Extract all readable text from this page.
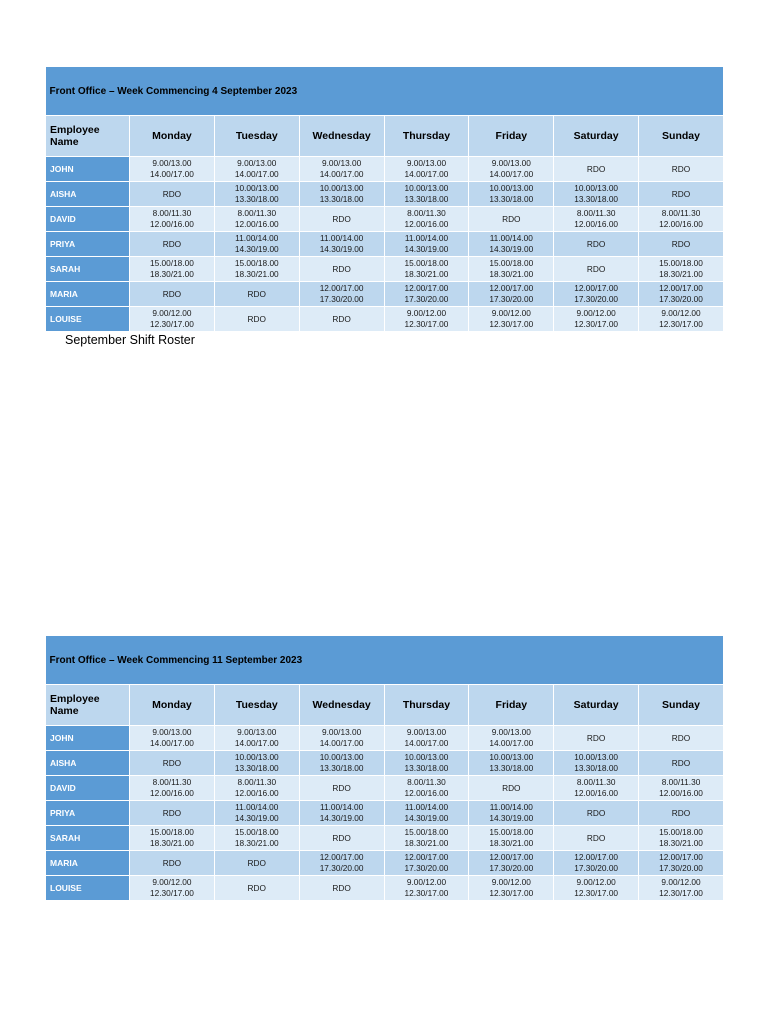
Front Office – Week Commencing 4 September 2023							
Employee Name	Monday	Tuesday	Wednesday	Thursday	Friday	Saturday	Sunday
JOHN	9.00/13.00
14.00/17.00	9.00/13.00
14.00/17.00	9.00/13.00
14.00/17.00	9.00/13.00
14.00/17.00	9.00/13.00
14.00/17.00	RDO	RDO
AISHA	RDO	10.00/13.00
13.30/18.00	10.00/13.00
13.30/18.00	10.00/13.00
13.30/18.00	10.00/13.00
13.30/18.00	10.00/13.00
13.30/18.00	RDO
DAVID	8.00/11.30
12.00/16.00	8.00/11.30
12.00/16.00	RDO	8.00/11.30
12.00/16.00	RDO	8.00/11.30
12.00/16.00	8.00/11.30
12.00/16.00
PRIYA	RDO	11.00/14.00
14.30/19.00	11.00/14.00
14.30/19.00	11.00/14.00
14.30/19.00	11.00/14.00
14.30/19.00	RDO	RDO
SARAH	15.00/18.00
18.30/21.00	15.00/18.00
18.30/21.00	RDO	15.00/18.00
18.30/21.00	15.00/18.00
18.30/21.00	RDO	15.00/18.00
18.30/21.00
MARIA	RDO	RDO	12.00/17.00
17.30/20.00	12.00/17.00
17.30/20.00	12.00/17.00
17.30/20.00	12.00/17.00
17.30/20.00	12.00/17.00
17.30/20.00
LOUISE	9.00/12.00
12.30/17.00	RDO	RDO	9.00/12.00
12.30/17.00	9.00/12.00
12.30/17.00	9.00/12.00
12.30/17.00	9.00/12.00
12.30/17.00
September Shift Roster
Front Office – Week Commencing 11 September 2023							
Employee Name	Monday	Tuesday	Wednesday	Thursday	Friday	Saturday	Sunday
JOHN	9.00/13.00
14.00/17.00	9.00/13.00
14.00/17.00	9.00/13.00
14.00/17.00	9.00/13.00
14.00/17.00	9.00/13.00
14.00/17.00	RDO	RDO
AISHA	RDO	10.00/13.00
13.30/18.00	10.00/13.00
13.30/18.00	10.00/13.00
13.30/18.00	10.00/13.00
13.30/18.00	10.00/13.00
13.30/18.00	RDO
DAVID	8.00/11.30
12.00/16.00	8.00/11.30
12.00/16.00	RDO	8.00/11.30
12.00/16.00	RDO	8.00/11.30
12.00/16.00	8.00/11.30
12.00/16.00
PRIYA	RDO	11.00/14.00
14.30/19.00	11.00/14.00
14.30/19.00	11.00/14.00
14.30/19.00	11.00/14.00
14.30/19.00	RDO	RDO
SARAH	15.00/18.00
18.30/21.00	15.00/18.00
18.30/21.00	RDO	15.00/18.00
18.30/21.00	15.00/18.00
18.30/21.00	RDO	15.00/18.00
18.30/21.00
MARIA	RDO	RDO	12.00/17.00
17.30/20.00	12.00/17.00
17.30/20.00	12.00/17.00
17.30/20.00	12.00/17.00
17.30/20.00	12.00/17.00
17.30/20.00
LOUISE	9.00/12.00
12.30/17.00	RDO	RDO	9.00/12.00
12.30/17.00	9.00/12.00
12.30/17.00	9.00/12.00
12.30/17.00	9.00/12.00
12.30/17.00
